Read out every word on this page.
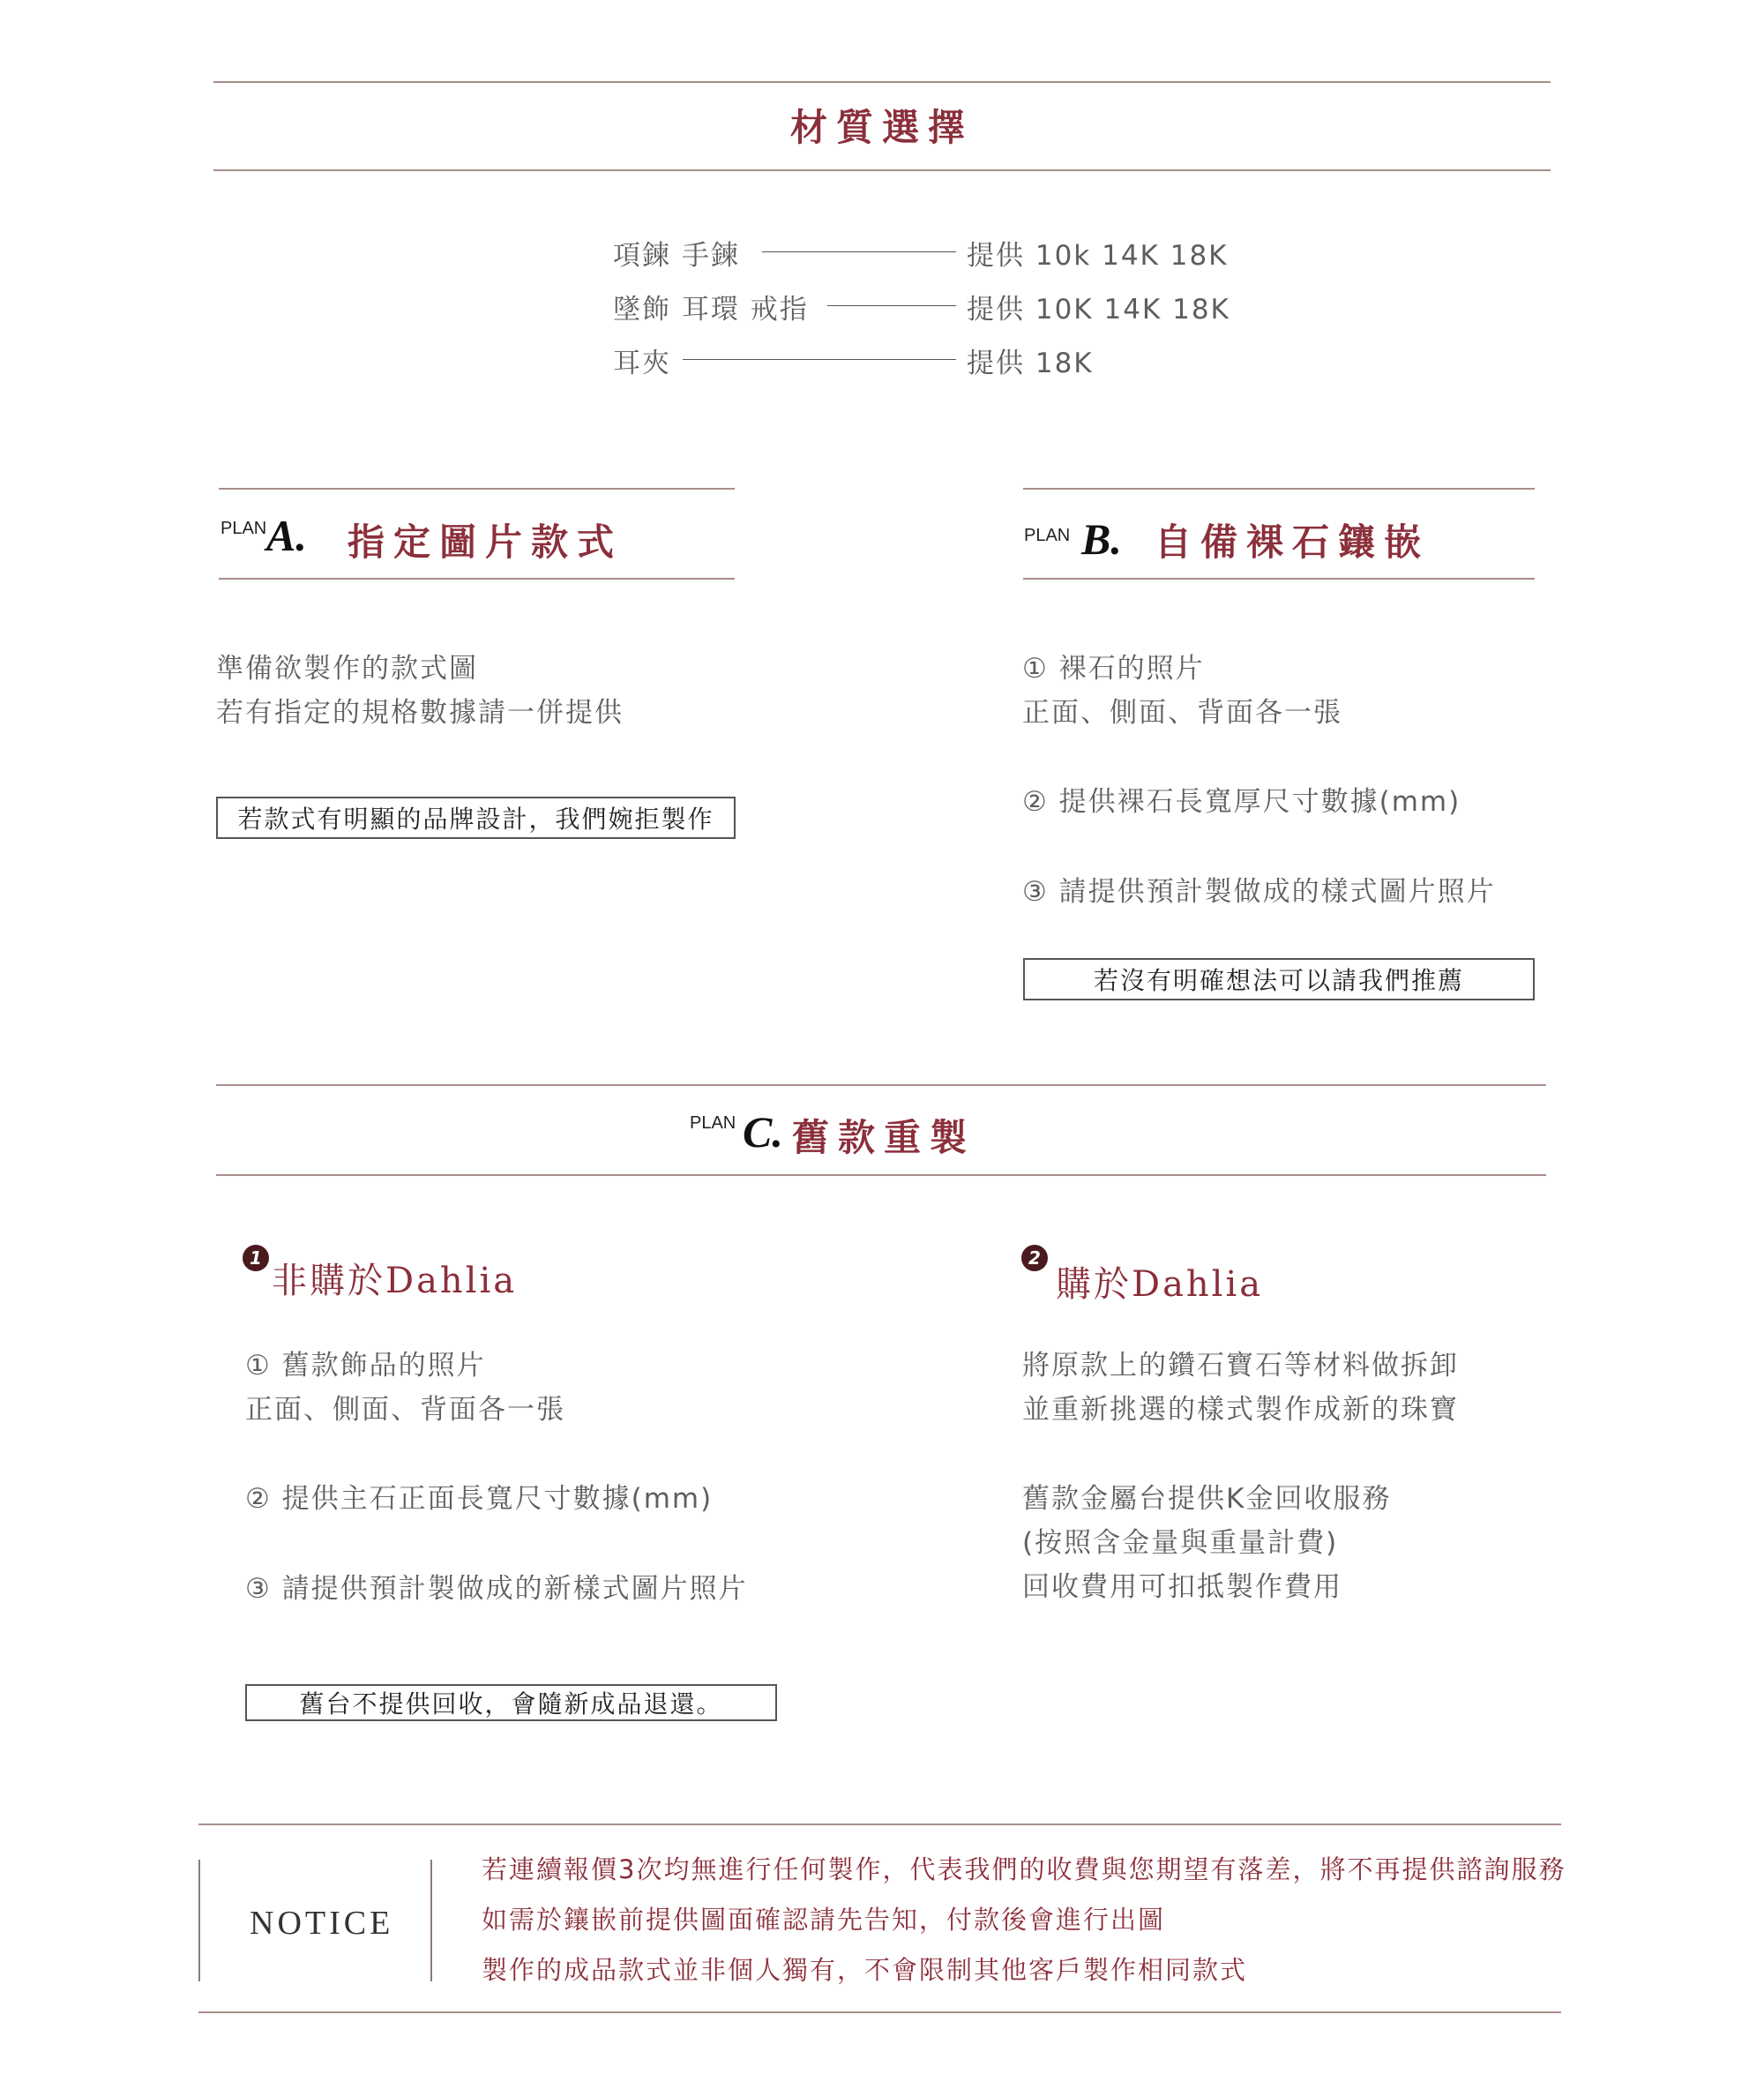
材質選擇
項鍊 手鍊	提供 10k 14K 18K
墜飾 耳環 戒指	提供 10K 14K 18K
耳夾	提供 18K
PLAN A. 指定圖片款式
準備欲製作的款式圖
若有指定的規格數據請一併提供
若款式有明顯的品牌設計，我們婉拒製作
PLAN B. 自備裸石鑲嵌
① 裸石的照片
正面、側面、背面各一張
② 提供裸石長寬厚尺寸數據(mm)
③ 請提供預計製做成的樣式圖片照片
若沒有明確想法可以請我們推薦
PLAN C. 舊款重製
1
非購於Dahlia
① 舊款飾品的照片
正面、側面、背面各一張
② 提供主石正面長寬尺寸數據(mm)
③ 請提供預計製做成的新樣式圖片照片
舊台不提供回收，會隨新成品退還。
2
購於Dahlia
將原款上的鑽石寶石等材料做拆卸
並重新挑選的樣式製作成新的珠寶
舊款金屬台提供K金回收服務
(按照含金量與重量計費)
回收費用可扣抵製作費用
NOTICE
若連續報價3次均無進行任何製作，代表我們的收費與您期望有落差，將不再提供諮詢服務
如需於鑲嵌前提供圖面確認請先告知，付款後會進行出圖
製作的成品款式並非個人獨有，不會限制其他客戶製作相同款式
